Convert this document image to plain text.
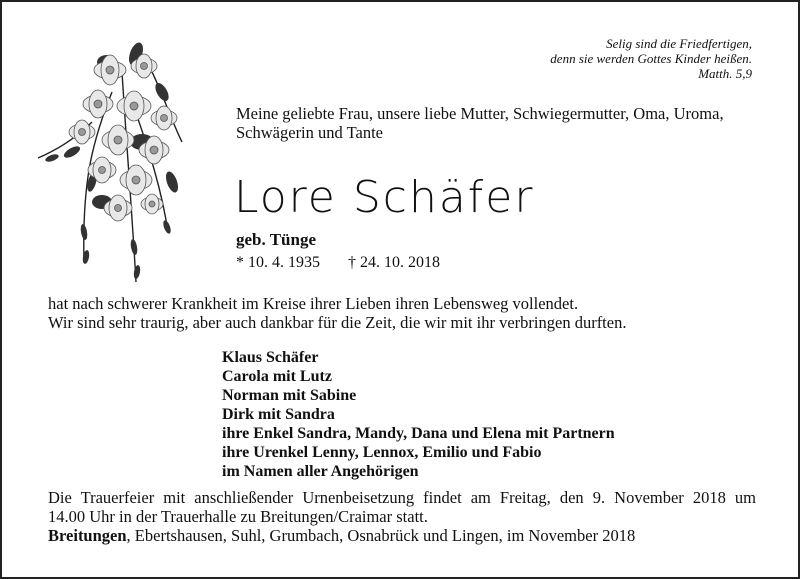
Selig sind die Friedfertigen,
denn sie werden Gottes Kinder heißen.
Matth. 5,9
Meine geliebte Frau, unsere liebe Mutter, Schwiegermutter, Oma, Uroma, Schwägerin und Tante
Lore Schäfer
geb. Tünge
* 10. 4. 1935 † 24. 10. 2018
hat nach schwerer Krankheit im Kreise ihrer Lieben ihren Lebensweg vollendet.
Wir sind sehr traurig, aber auch dankbar für die Zeit, die wir mit ihr verbringen durften.
Klaus Schäfer
Carola mit Lutz
Norman mit Sabine
Dirk mit Sandra
ihre Enkel Sandra, Mandy, Dana und Elena mit Partnern
ihre Urenkel Lenny, Lennox, Emilio und Fabio
im Namen aller Angehörigen
Die Trauerfeier mit anschließender Urnenbeisetzung findet am Freitag, den 9. November 2018 um
14.00 Uhr in der Trauerhalle zu Breitungen/Craimar statt.
Breitungen, Ebertshausen, Suhl, Grumbach, Osnabrück und Lingen, im November 2018
